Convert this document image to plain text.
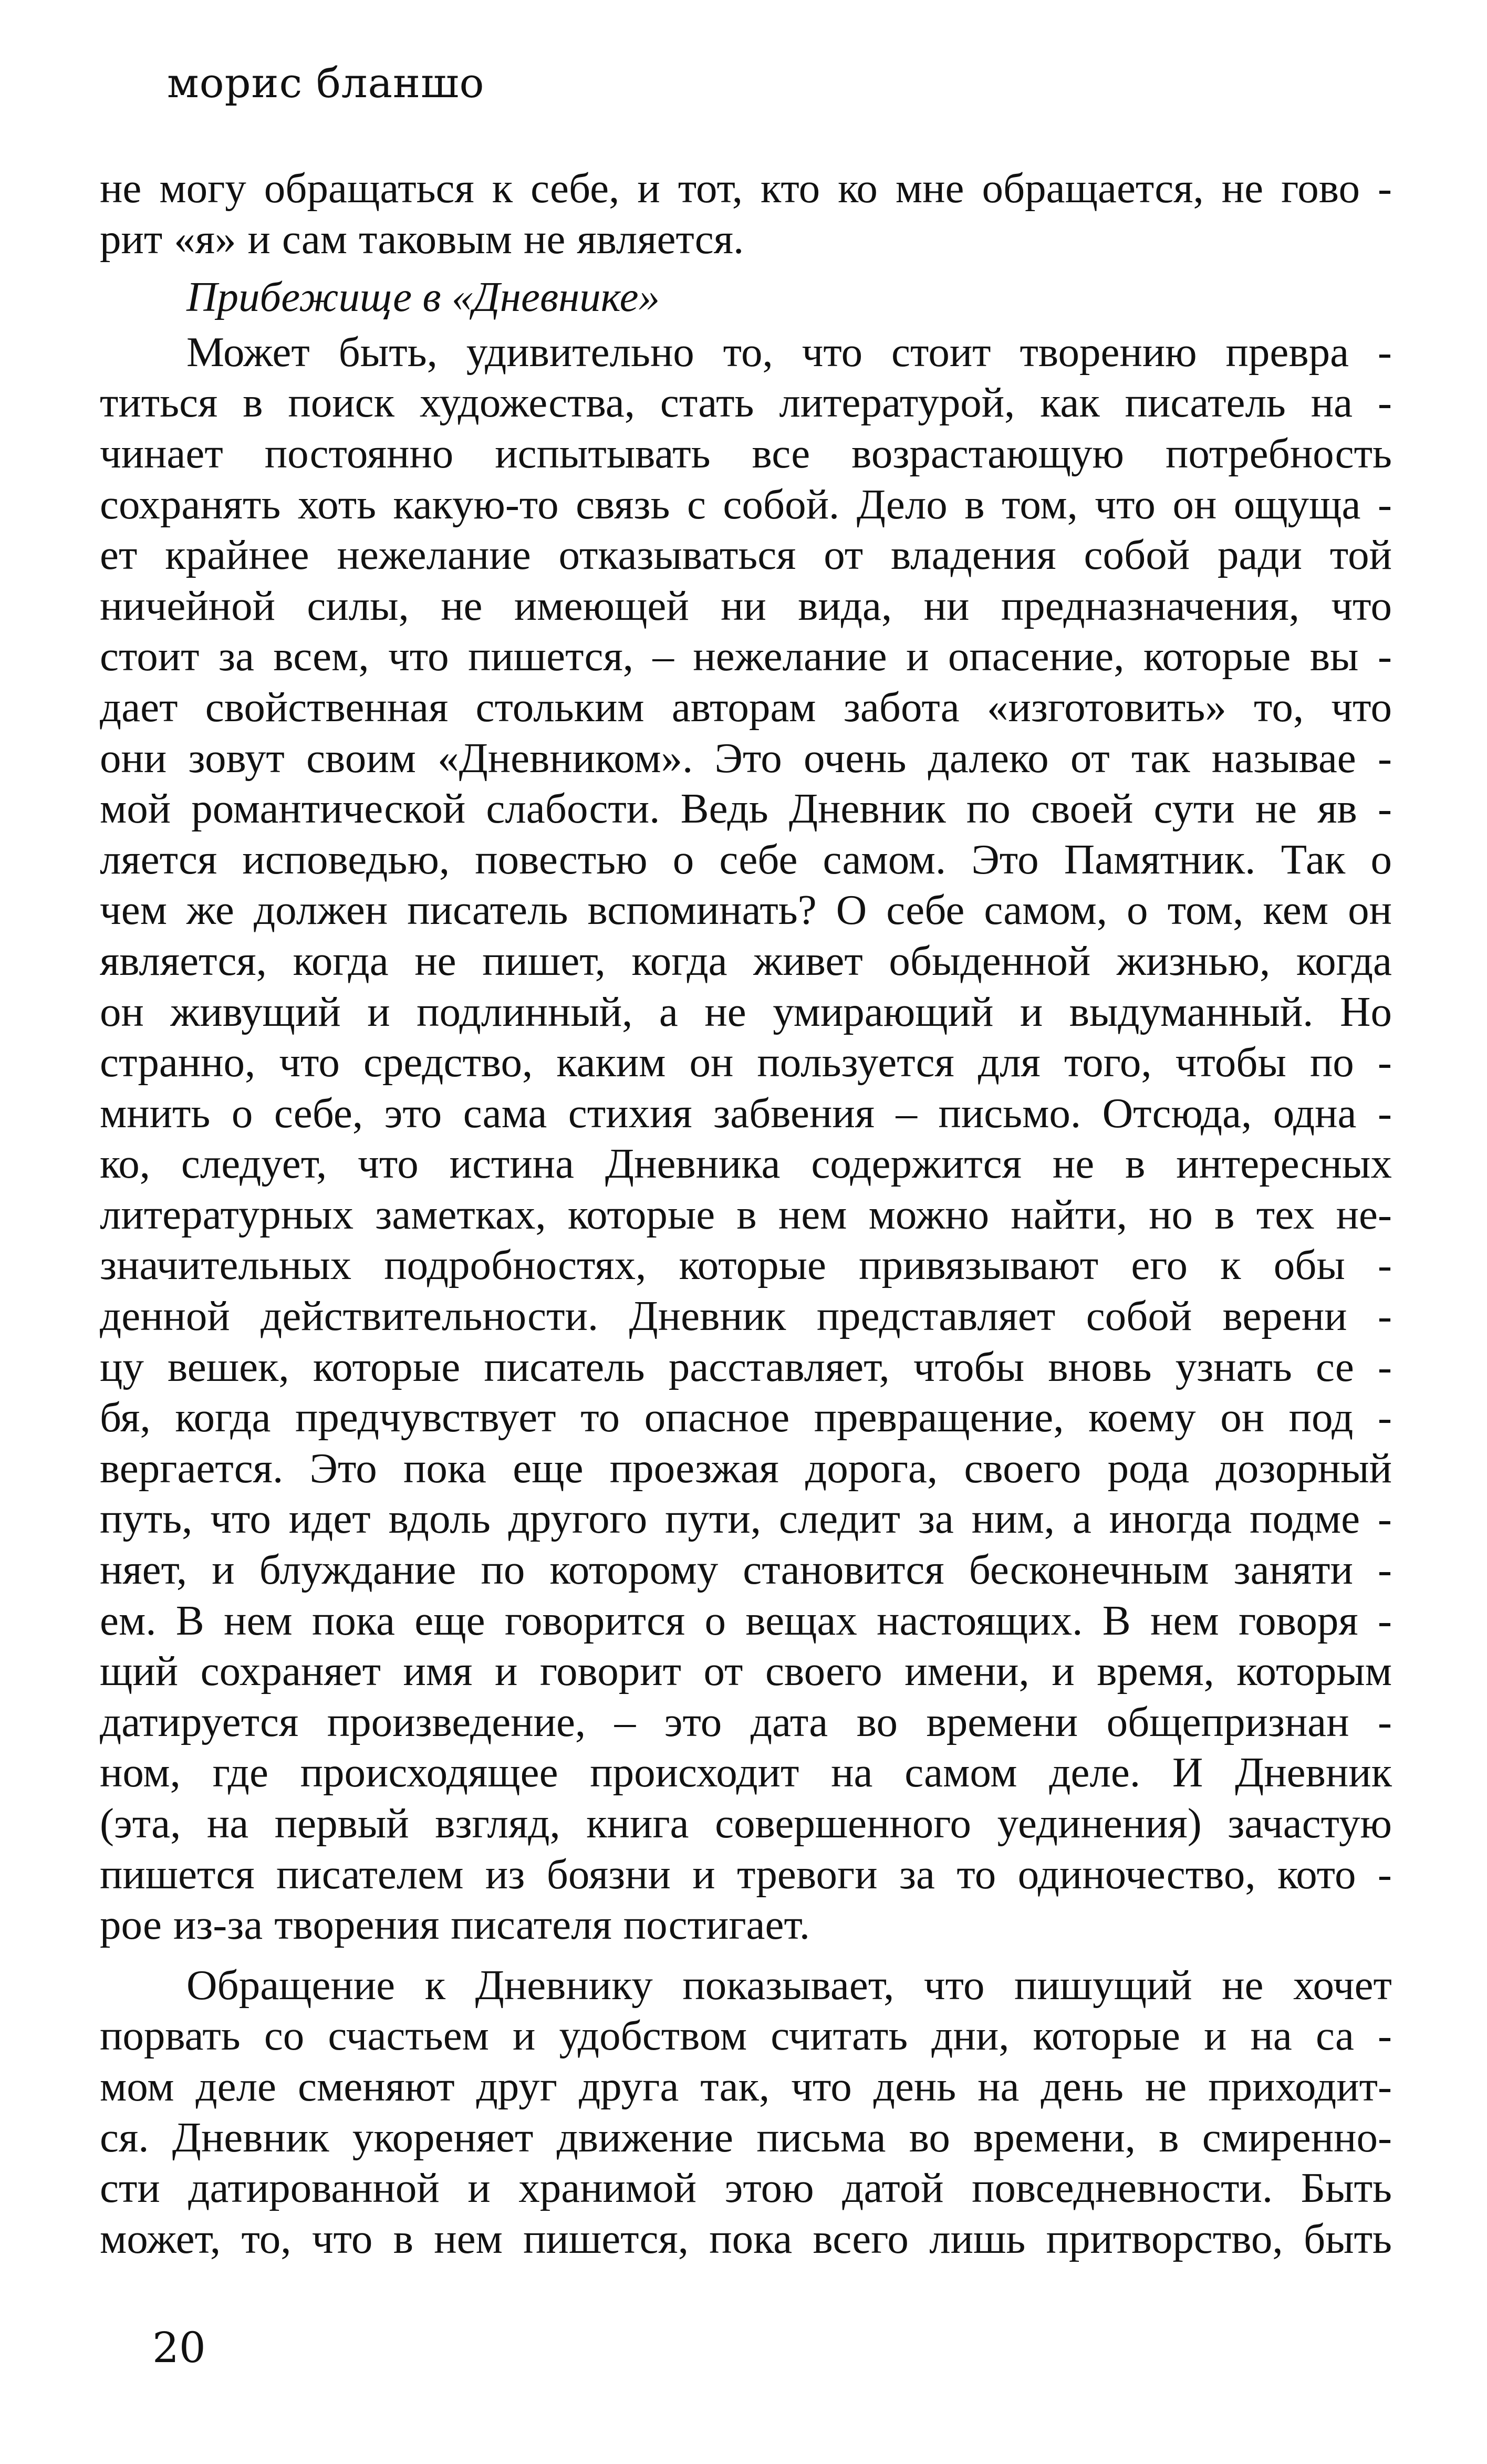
морис бланшо
не могу обращаться к себе, и тот, кто ко мне обращается, не гово -
рит «я» и сам таковым не является.
Прибежище в «Дневнике»
Может быть, удивительно то, что стоит творению превра -
титься в поиск художества, стать литературой, как писатель на -
чинает постоянно испытывать все возрастающую потребность
сохранять хоть какую-то связь с собой. Дело в том, что он ощуща -
ет крайнее нежелание отказываться от владения собой ради той
ничейной силы, не имеющей ни вида, ни предназначения, что
стоит за всем, что пишется, – нежелание и опасение, которые вы -
дает свойственная стольким авторам забота «изготовить» то, что
они зовут своим «Дневником». Это очень далеко от так называе -
мой романтической слабости. Ведь Дневник по своей сути не яв -
ляется исповедью, повестью о себе самом. Это Памятник. Так о
чем же должен писатель вспоминать? О себе самом, о том, кем он
является, когда не пишет, когда живет обыденной жизнью, когда
он живущий и подлинный, а не умирающий и выдуманный. Но
странно, что средство, каким он пользуется для того, чтобы по -
мнить о себе, это сама стихия забвения – письмо. Отсюда, одна -
ко, следует, что истина Дневника содержится не в интересных
литературных заметках, которые в нем можно найти, но в тех не-
значительных подробностях, которые привязывают его к обы -
денной действительности. Дневник представляет собой верени -
цу вешек, которые писатель расставляет, чтобы вновь узнать се -
бя, когда предчувствует то опасное превращение, коему он под -
вергается. Это пока еще проезжая дорога, своего рода дозорный
путь, что идет вдоль другого пути, следит за ним, а иногда подме -
няет, и блуждание по которому становится бесконечным заняти -
ем. В нем пока еще говорится о вещах настоящих. В нем говоря -
щий сохраняет имя и говорит от своего имени, и время, которым
датируется произведение, – это дата во времени общепризнан -
ном, где происходящее происходит на самом деле. И Дневник
(эта, на первый взгляд, книга совершенного уединения) зачастую
пишется писателем из боязни и тревоги за то одиночество, кото -
рое из-за творения писателя постигает.
Обращение к Дневнику показывает, что пишущий не хочет
порвать со счастьем и удобством считать дни, которые и на са -
мом деле сменяют друг друга так, что день на день не приходит-
ся. Дневник укореняет движение письма во времени, в смиренно-
сти датированной и хранимой этою датой повседневности. Быть
может, то, что в нем пишется, пока всего лишь притворство, быть
20
